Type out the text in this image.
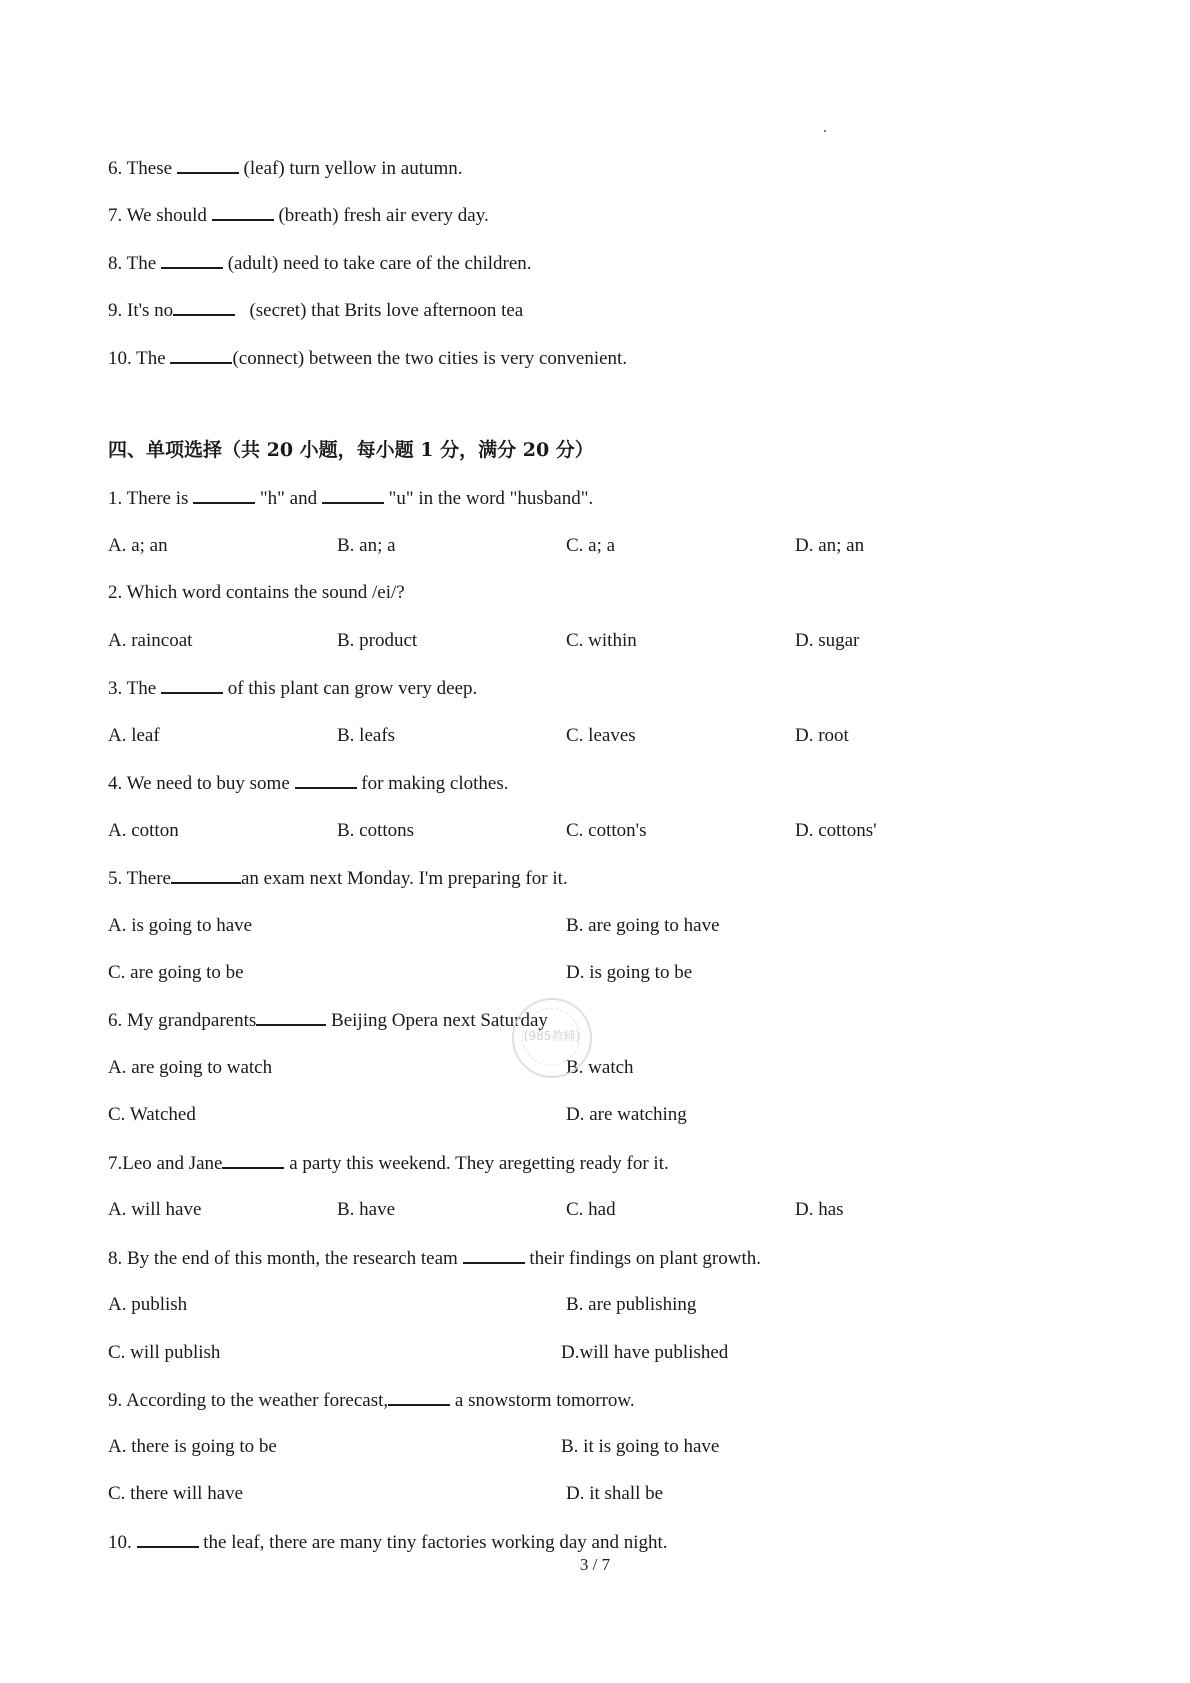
6. These	(leaf) turn yellow in autumn.
7. We should	(breath) fresh air every day.
8. The	(adult) need to take care of the children.
9. It's no	(secret) that Brits love afternoon tea
10. The	(connect) between the two cities is very convenient.
四、单项选择（共 20 小题，每小题 1 分，满分 20 分）
1. There is	"h" and	"u" in the word "husband".
A. a; an	B. an; a	C. a; a	D. an; an
2. Which word contains the sound /ei/?
A. raincoat	B. product	C. within	D. sugar
3. The	of this plant can grow very deep.
A. leaf	B. leafs	C. leaves	D. root
4. We need to buy some	for making clothes.
A. cotton	B. cottons	C. cotton's	D. cottons'
5. There	an exam next Monday. I'm preparing for it.
A. is going to have	B. are going to have
C. are going to be	D. is going to be
6. My grandparents	Beijing Opera next Saturday
A. are going to watch	B. watch
C. Watched	D. are watching
(985教辅)
7.Leo and Jane	a party this weekend. They aregetting ready for it.
A. will have	B. have	C. had	D. has
8. By the end of this month, the research team	their findings on plant growth.
A. publish	B. are publishing
C. will publish	D.will have published
9. According to the weather forecast,	a snowstorm tomorrow.
A. there is going to be	B. it is going to have
C. there will have	D. it shall be
10.	the leaf, there are many tiny factories working day and night.
3 / 7
